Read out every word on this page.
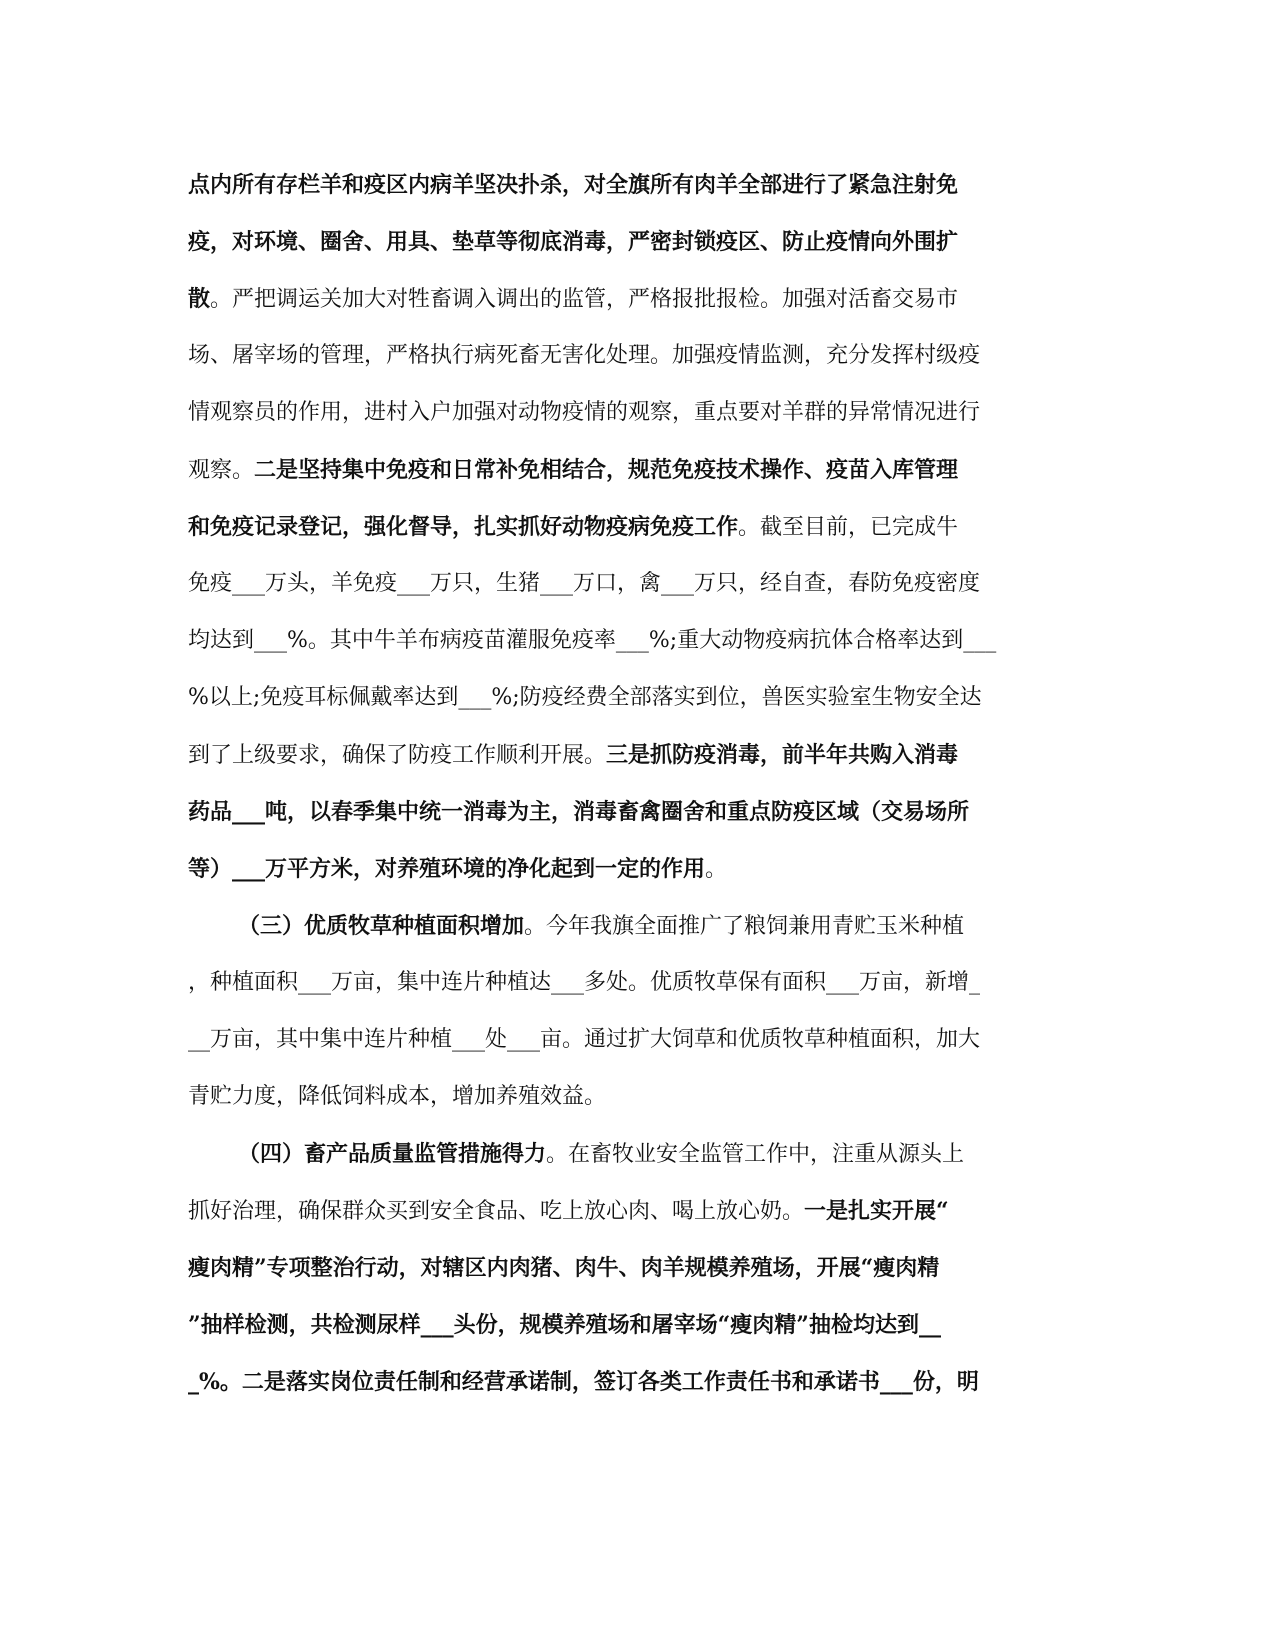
点内所有存栏羊和疫区内病羊坚决扑杀，对全旗所有肉羊全部进行了紧急注射免
疫，对环境、圈舍、用具、垫草等彻底消毒，严密封锁疫区、防止疫情向外围扩
散。严把调运关加大对牲畜调入调出的监管，严格报批报检。加强对活畜交易市
场、屠宰场的管理，严格执行病死畜无害化处理。加强疫情监测，充分发挥村级疫
情观察员的作用，进村入户加强对动物疫情的观察，重点要对羊群的异常情况进行
观察。二是坚持集中免疫和日常补免相结合，规范免疫技术操作、疫苗入库管理
和免疫记录登记，强化督导，扎实抓好动物疫病免疫工作。截至目前，已完成牛
免疫___万头，羊免疫___万只，生猪___万口，禽___万只，经自查，春防免疫密度
均达到___%。其中牛羊布病疫苗灌服免疫率___%;重大动物疫病抗体合格率达到___
%以上;免疫耳标佩戴率达到___%;防疫经费全部落实到位，兽医实验室生物安全达
到了上级要求，确保了防疫工作顺利开展。三是抓防疫消毒，前半年共购入消毒
药品___吨，以春季集中统一消毒为主，消毒畜禽圈舍和重点防疫区域（交易场所
等）___万平方米，对养殖环境的净化起到一定的作用。
（三）优质牧草种植面积增加。今年我旗全面推广了粮饲兼用青贮玉米种植
，种植面积___万亩，集中连片种植达___多处。优质牧草保有面积___万亩，新增_
__万亩，其中集中连片种植___处___亩。通过扩大饲草和优质牧草种植面积，加大
青贮力度，降低饲料成本，增加养殖效益。
（四）畜产品质量监管措施得力。在畜牧业安全监管工作中，注重从源头上
抓好治理，确保群众买到安全食品、吃上放心肉、喝上放心奶。一是扎实开展“
瘦肉精”专项整治行动，对辖区内肉猪、肉牛、肉羊规模养殖场，开展“瘦肉精
”抽样检测，共检测尿样___头份，规模养殖场和屠宰场“瘦肉精”抽检均达到__
_%。二是落实岗位责任制和经营承诺制，签订各类工作责任书和承诺书___份，明
